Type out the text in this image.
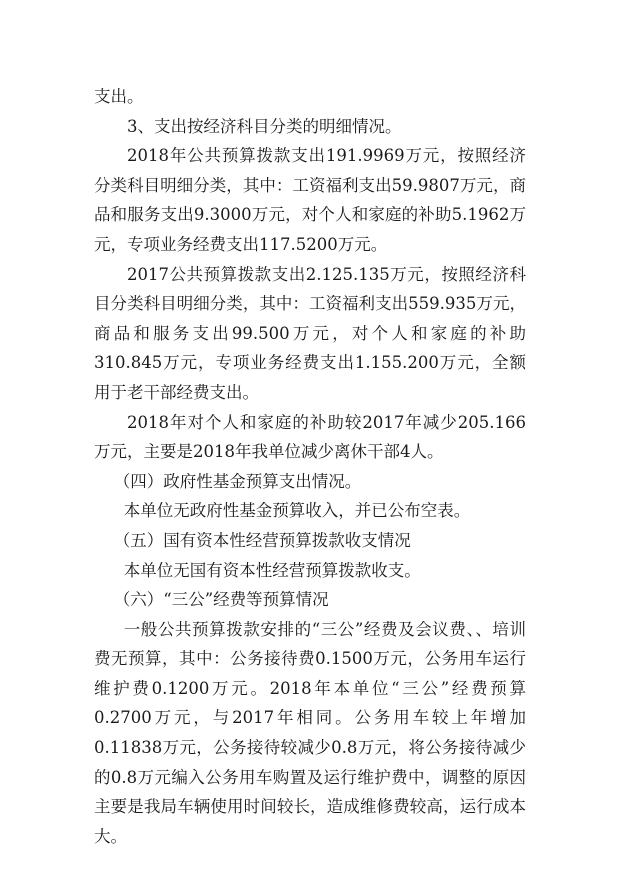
支出。

3、支出按经济科目分类的明细情况。

2018年公共预算拨款支出191.9969万元，按照经济分类科目明细分类，其中：工资福利支出59.9807万元，商品和服务支出9.3000万元，对个人和家庭的补助5.1962万元，专项业务经费支出117.5200万元。

2017公共预算拨款支出2.125.135万元，按照经济科目分类科目明细分类，其中：工资福利支出559.935万元，商品和服务支出99.500万元，对个人和家庭的补助310.845万元，专项业务经费支出1.155.200万元，全额用于老干部经费支出。

2018年对个人和家庭的补助较2017年减少205.166万元，主要是2018年我单位减少离休干部4人。

（四）政府性基金预算支出情况。

本单位无政府性基金预算收入，并已公布空表。

（五）国有资本性经营预算拨款收支情况

本单位无国有资本性经营预算拨款收支。

（六）“三公”经费等预算情况

一般公共预算拨款安排的“三公”经费及会议费、、培训费无预算，其中：公务接待费0.1500万元，公务用车运行维护费0.1200万元。2018年本单位“三公”经费预算0.2700万元，与2017年相同。公务用车较上年增加0.11838万元，公务接待较减少0.8万元，将公务接待减少的0.8万元编入公务用车购置及运行维护费中，调整的原因主要是我局车辆使用时间较长，造成维修费较高，运行成本大。
